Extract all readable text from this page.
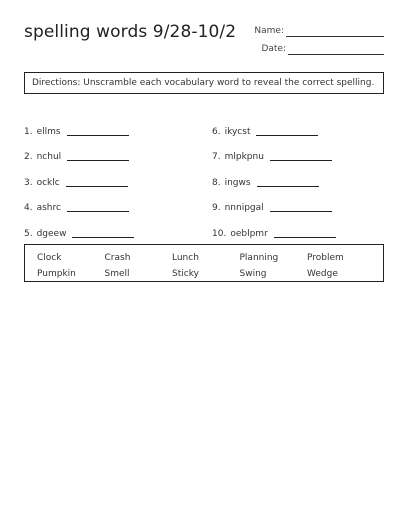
spelling words 9/28-10/2 Name:
Date:
Directions: Unscramble each vocabulary word to reveal the correct spelling.
1. ellms
2. nchul
3. ocklc
4. ashrc
5. dgeew
6. ikycst
7. mlpkpnu
8. ingws
9. nnnipgal
10. oeblpmr
Clock	Crash	Lunch	Planning	Problem
Pumpkin	Smell	Sticky	Swing	Wedge
